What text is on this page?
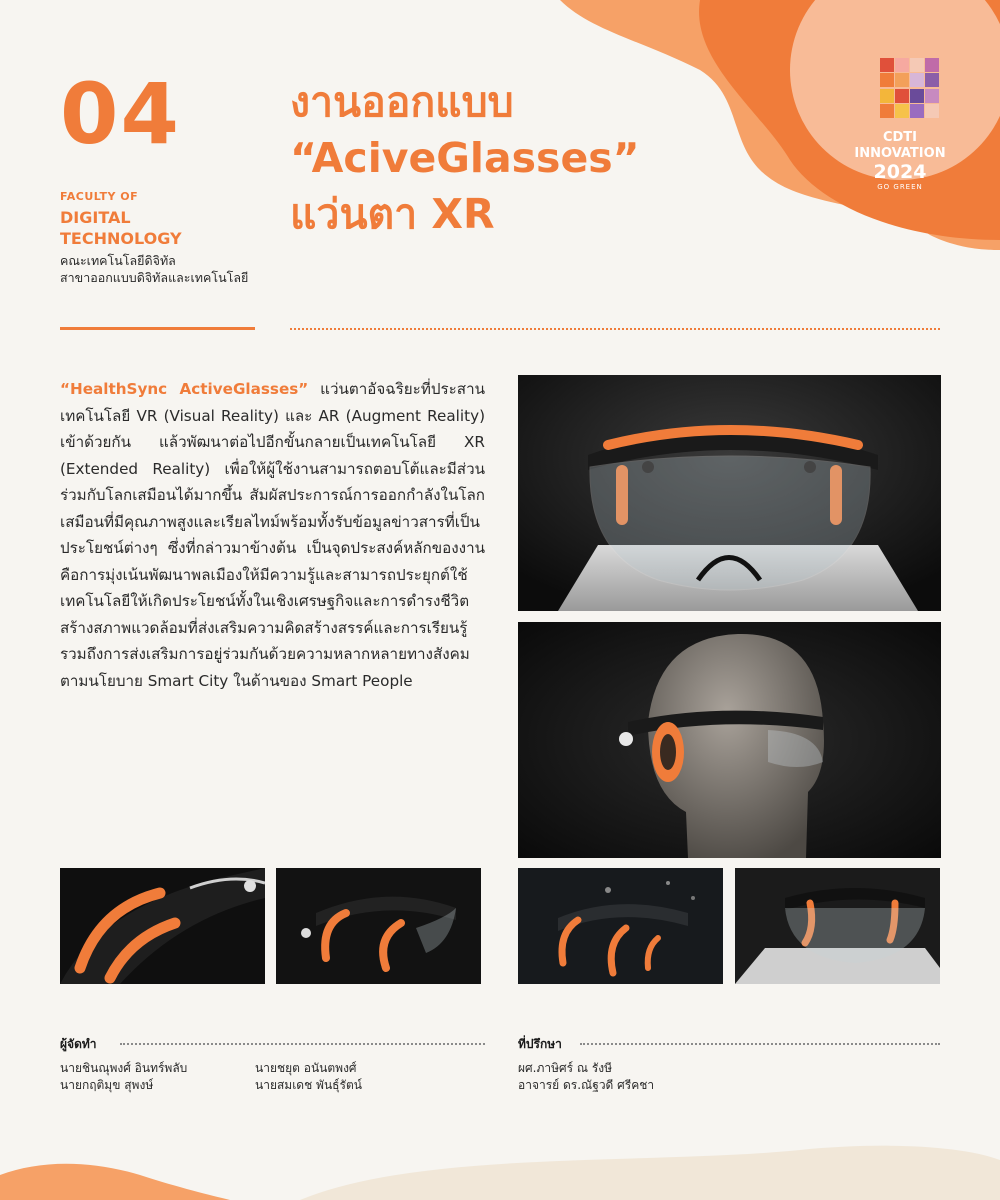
04
FACULTY OF
DIGITAL
TECHNOLOGY
คณะเทคโนโลยีดิจิทัล
สาขาออกแบบดิจิทัลและเทคโนโลยี
งานออกแบบ
“AciveGlasses”
แว่นตา XR
CDTI
INNOVATION
2024
GO GREEN
“HealthSync ActiveGlasses” แว่นตาอัจฉริยะที่ประสานเทคโนโลยี VR (Visual Reality) และ AR (Augment Reality) เข้าด้วยกัน แล้วพัฒนาต่อไปอีกขั้นกลายเป็นเทคโนโลยี XR (Extended Reality) เพื่อให้ผู้ใช้งานสามารถตอบโต้และมีส่วนร่วมกับโลกเสมือนได้มากขึ้น สัมผัสประการณ์การออกกำลังในโลกเสมือนที่มีคุณภาพสูงและเรียลไทม์พร้อมทั้งรับข้อมูลข่าวสารที่เป็นประโยชน์ต่างๆ ซึ่งที่กล่าวมาข้างต้น เป็นจุดประสงค์หลักของงาน คือการมุ่งเน้นพัฒนาพลเมืองให้มีความรู้และสามารถประยุกต์ใช้เทคโนโลยีให้เกิดประโยชน์ทั้งในเชิงเศรษฐกิจและการดำรงชีวิต สร้างสภาพแวดล้อมที่ส่งเสริมความคิดสร้างสรรค์และการเรียนรู้ รวมถึงการส่งเสริมการอยู่ร่วมกันด้วยความหลากหลายทางสังคมตามนโยบาย Smart City ในด้านของ Smart People
ผู้จัดทำ
นายชินณุพงศ์ อินทร์พลับ
นายกฤติมุข สุพงษ์
นายชยุต อนันตพงศ์
นายสมเดช พันธุ์รัตน์
ที่ปรึกษา
ผศ.ภาษิศร์ ณ รังษี
อาจารย์ ดร.ณัฐวดี ศรีคชา
